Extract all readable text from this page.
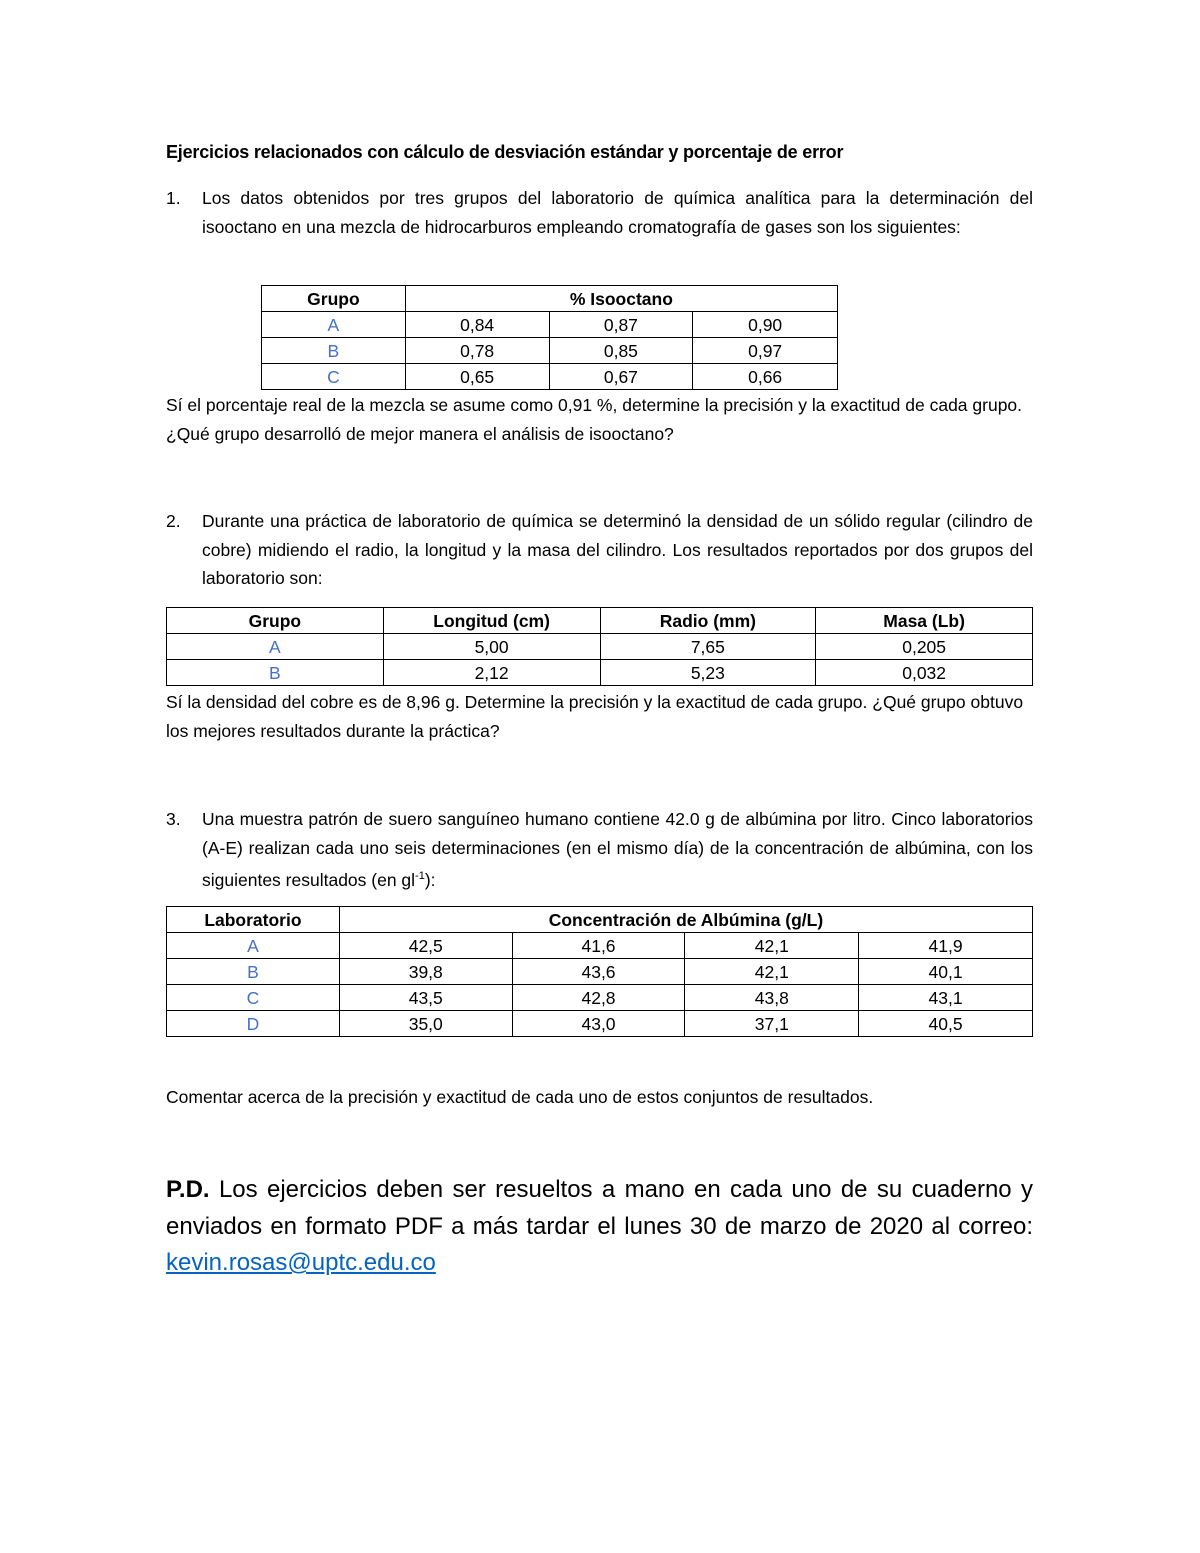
Ejercicios relacionados con cálculo de desviación estándar y porcentaje de error
1. Los datos obtenidos por tres grupos del laboratorio de química analítica para la determinación del isooctano en una mezcla de hidrocarburos empleando cromatografía de gases son los siguientes:
Grupo	% Isooctano		
A	0,84	0,87	0,90
B	0,78	0,85	0,97
C	0,65	0,67	0,66
Sí el porcentaje real de la mezcla se asume como 0,91 %, determine la precisión y la exactitud de cada grupo. ¿Qué grupo desarrolló de mejor manera el análisis de isooctano?
2. Durante una práctica de laboratorio de química se determinó la densidad de un sólido regular (cilindro de cobre) midiendo el radio, la longitud y la masa del cilindro. Los resultados reportados por dos grupos del laboratorio son:
Grupo	Longitud (cm)	Radio (mm)	Masa (Lb)
A	5,00	7,65	0,205
B	2,12	5,23	0,032
Sí la densidad del cobre es de 8,96 g. Determine la precisión y la exactitud de cada grupo. ¿Qué grupo obtuvo los mejores resultados durante la práctica?
3. Una muestra patrón de suero sanguíneo humano contiene 42.0 g de albúmina por litro. Cinco laboratorios (A-E) realizan cada uno seis determinaciones (en el mismo día) de la concentración de albúmina, con los siguientes resultados (en $gl^{-1}$):
Laboratorio	Concentración de Albúmina (g/L)			
A	42,5	41,6	42,1	41,9
B	39,8	43,6	42,1	40,1
C	43,5	42,8	43,8	43,1
D	35,0	43,0	37,1	40,5
Comentar acerca de la precisión y exactitud de cada uno de estos conjuntos de resultados.
P.D. Los ejercicios deben ser resueltos a mano en cada uno de su cuaderno y enviados en formato PDF a más tardar el lunes 30 de marzo de 2020 al correo: kevin.rosas@uptc.edu.co
